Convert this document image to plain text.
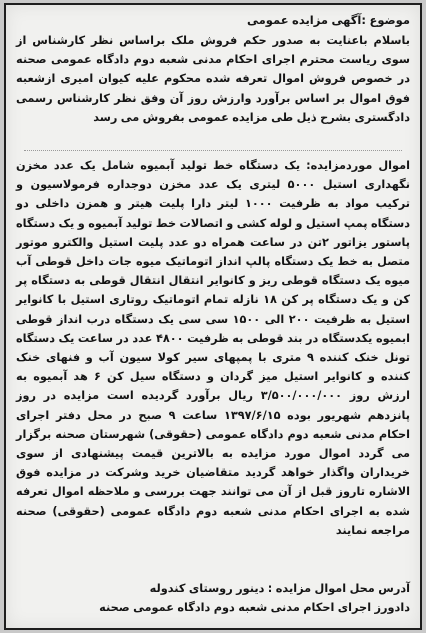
موضوع :آگهی مزایده عمومی
باسلام باعنایت به صدور حکم فروش ملک براساس نظر کارشناس از سوی ریاست محترم اجرای احکام مدنی شعبه دوم دادگاه عمومی صحنه در خصوص فروش اموال تعرفه شده محکوم علیه کیوان امیری ازشعبه فوق اموال بر اساس برآورد وارزش روز آن وفق نظر کارشناس رسمی دادگستری بشرح ذیل طی مزایده عمومی بفروش می رسد
اموال موردمزایده: یک دستگاه خط تولید آبمیوه شامل یک عدد مخزن نگهداری استیل ۵۰۰۰ لیتری یک عدد مخزن دوجداره فرمولاسیون و ترکیب مواد به ظرفیت ۱۰۰۰ لیتر دارا پلیت هیتر و همزن داخلی دو دستگاه پمپ استیل و لوله کشی و اتصالات خط تولید آبمیوه و یک دستگاه پاستور یزاتور ۲تن در ساعت همراه دو عدد پلیت استیل والکترو موتور متصل به خط یک دستگاه پالپ انداز اتوماتیک میوه جات داخل قوطی آب میوه یک دستگاه قوطی ریز و کانوایر انتقال انتقال قوطی به دستگاه پر کن و یک دستگاه پر کن ۱۸ نازله تمام اتوماتیک روتاری استیل با کانوایر استیل به ظرفیت ۲۰۰ الی ۱۵۰۰ سی سی یک دستگاه درب انداز قوطی ابمیوه یکدستگاه در بند قوطی به ظرفیت ۴۸۰۰ عدد در ساعت یک دستگاه تونل خنک کننده ۹ متری با پمپهای سیر کولا سیون آب و فنهای خنک کننده و کانوایر استیل میز گردان و دستگاه سیل کن ۶ هد آبمیوه به ارزش روز ۳/۵۰۰/۰۰۰/۰۰۰ ریال برآورد گردیده است مزایده در روز پانزدهم شهریور بوده ۱۳۹۷/۶/۱۵ ساعت ۹ صبح در محل دفتر اجرای احکام مدنی شعبه دوم دادگاه عمومی (حقوقی) شهرستان صحنه برگزار می گردد اموال مورد مزایده به بالاترین قیمت پیشنهادی از سوی خریداران واگذار خواهد گردید متقاضیان خرید وشرکت در مزایده فوق الاشاره تاروز قبل از آن می توانند جهت بررسی و ملاحظه اموال تعرفه شده به اجرای احکام مدنی شعبه دوم دادگاه عمومی (حقوقی) صحنه مراجعه نمایند

آدرس محل اموال مزایده : دینور روستای کندوله

دادورز اجرای احکام مدنی شعبه دوم دادگاه عمومی صحنه
